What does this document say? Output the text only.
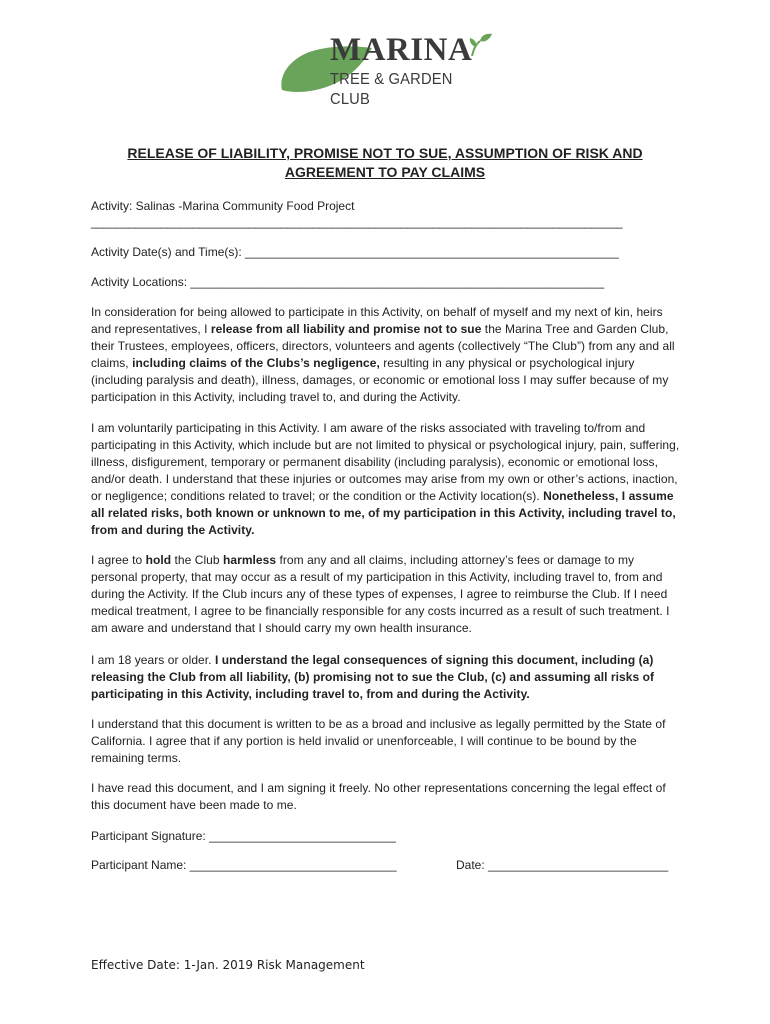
MARINA
TREE & GARDEN CLUB
RELEASE OF LIABILITY, PROMISE NOT TO SUE, ASSUMPTION OF RISK AND
AGREEMENT TO PAY CLAIMS
Activity: Salinas -Marina Community Food Project
____________________________________________________________________________________
Activity Date(s) and Time(s): ________________________________________________________
Activity Locations: ______________________________________________________________
In consideration for being allowed to participate in this Activity, on behalf of myself and my next of kin, heirs and representatives, I release from all liability and promise not to sue the Marina Tree and Garden Club, their Trustees, employees, officers, directors, volunteers and agents (collectively “The Club”) from any and all claims, including claims of the Clubs’s negligence, resulting in any physical or psychological injury (including paralysis and death), illness, damages, or economic or emotional loss I may suffer because of my participation in this Activity, including travel to, and during the Activity.
I am voluntarily participating in this Activity. I am aware of the risks associated with traveling to/from and participating in this Activity, which include but are not limited to physical or psychological injury, pain, suffering, illness, disfigurement, temporary or permanent disability (including paralysis), economic or emotional loss, and/or death. I understand that these injuries or outcomes may arise from my own or other’s actions, inaction, or negligence; conditions related to travel; or the condition or the Activity location(s). Nonetheless, I assume all related risks, both known or unknown to me, of my participation in this Activity, including travel to, from and during the Activity.
I agree to hold the Club harmless from any and all claims, including attorney’s fees or damage to my personal property, that may occur as a result of my participation in this Activity, including travel to, from and during the Activity. If the Club incurs any of these types of expenses, I agree to reimburse the Club. If I need medical treatment, I agree to be financially responsible for any costs incurred as a result of such treatment. I am aware and understand that I should carry my own health insurance.
I am 18 years or older. I understand the legal consequences of signing this document, including (a) releasing the Club from all liability, (b) promising not to sue the Club, (c) and assuming all risks of participating in this Activity, including travel to, from and during the Activity.
I understand that this document is written to be as a broad and inclusive as legally permitted by the State of California. I agree that if any portion is held invalid or unenforceable, I will continue to be bound by the remaining terms.
I have read this document, and I am signing it freely. No other representations concerning the legal effect of this document have been made to me.
Participant Signature: ____________________________
Participant Name: _______________________________	Date: ___________________________
Effective Date: 1-Jan. 2019 Risk Management
